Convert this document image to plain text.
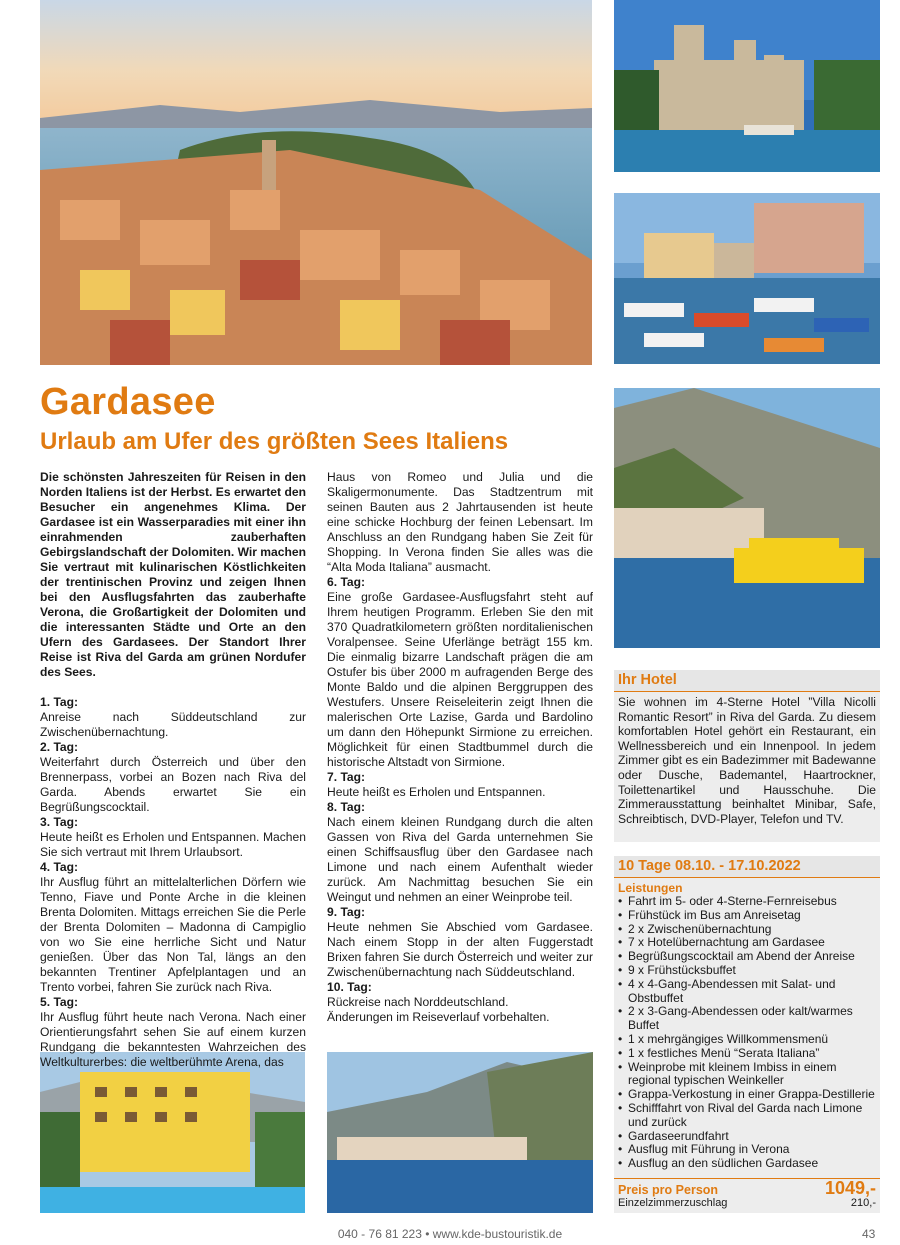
Gardasee
Urlaub am Ufer des größten Sees Italiens

Die schönsten Jahreszeiten für Reisen in den Norden Italiens ist der Herbst. Es erwartet den Besucher ein angenehmes Klima. Der Gardasee ist ein Wasserparadies mit einer ihn einrahmenden zauberhaften Gebirgslandschaft der Dolomiten. Wir machen Sie vertraut mit kulinarischen Köstlichkeiten der trentinischen Provinz und zeigen Ihnen bei den Ausflugsfahrten das zauberhafte Verona, die Großartigkeit der Dolomiten und die interessanten Städte und Orte an den Ufern des Gardasees. Der Standort Ihrer Reise ist Riva del Garda am grünen Nordufer des Sees.

1. Tag:

Anreise nach Süddeutschland zur Zwischenübernachtung.

2. Tag:

Weiterfahrt durch Österreich und über den Brennerpass, vorbei an Bozen nach Riva del Garda. Abends erwartet Sie ein Begrüßungscocktail.

3. Tag:

Heute heißt es Erholen und Entspannen. Machen Sie sich vertraut mit Ihrem Urlaubsort.

4. Tag:

Ihr Ausflug führt an mittelalterlichen Dörfern wie Tenno, Fiave und Ponte Arche in die kleinen Brenta Dolomiten. Mittags erreichen Sie die Perle der Brenta Dolomiten – Madonna di Campiglio von wo Sie eine herrliche Sicht und Natur genießen. Über das Non Tal, längs an den bekannten Trentiner Apfelplantagen und an Trento vorbei, fahren Sie zurück nach Riva.

5. Tag:

Ihr Ausflug führt heute nach Verona. Nach einer Orientierungsfahrt sehen Sie auf einem kurzen Rundgang die bekanntesten Wahrzeichen des Weltkulturerbes: die weltberühmte Arena, das

Haus von Romeo und Julia und die Skaligermonumente. Das Stadtzentrum mit seinen Bauten aus 2 Jahrtausenden ist heute eine schicke Hochburg der feinen Lebensart. Im Anschluss an den Rundgang haben Sie Zeit für Shopping. In Verona finden Sie alles was die “Alta Moda Italiana” ausmacht.

6. Tag:

Eine große Gardasee-Ausflugsfahrt steht auf Ihrem heutigen Programm. Erleben Sie den mit 370 Quadratkilometern größten norditalienischen Voralpensee. Seine Uferlänge beträgt 155 km. Die einmalig bizarre Landschaft prägen die am Ostufer bis über 2000 m aufragenden Berge des Monte Baldo und die alpinen Berggruppen des Westufers. Unsere Reiseleiterin zeigt Ihnen die malerischen Orte Lazise, Garda und Bardolino um dann den Höhepunkt Sirmione zu erreichen. Möglichkeit für einen Stadtbummel durch die historische Altstadt von Sirmione.

7. Tag:

Heute heißt es Erholen und Entspannen.

8. Tag:

Nach einem kleinen Rundgang durch die alten Gassen von Riva del Garda unternehmen Sie einen Schiffsausflug über den Gardasee nach Limone und nach einem Aufenthalt wieder zurück. Am Nachmittag besuchen Sie ein Weingut und nehmen an einer Weinprobe teil.

9. Tag:

Heute nehmen Sie Abschied vom Gardasee. Nach einem Stopp in der alten Fuggerstadt Brixen fahren Sie durch Österreich und weiter zur Zwischenübernachtung nach Süddeutschland.

10. Tag:

Rückreise nach Norddeutschland.

Änderungen im Reiseverlauf vorbehalten.

Ihr Hotel

Sie wohnen im 4-Sterne Hotel ”Villa Nicolli Romantic Resort” in Riva del Garda. Zu diesem komfortablen Hotel gehört ein Restaurant, ein Wellnessbereich und ein Innenpool. In jedem Zimmer gibt es ein Badezimmer mit Badewanne oder Dusche, Bademantel, Haartrockner, Toilettenartikel und Hausschuhe. Die Zimmerausstattung beinhaltet Minibar, Safe, Schreibtisch, DVD-Player, Telefon und TV.

10 Tage 08.10. - 17.10.2022
Leistungen
• Fahrt im 5- oder 4-Sterne-Fernreisebus
• Frühstück im Bus am Anreisetag
• 2 x Zwischenübernachtung
• 7 x Hotelübernachtung am Gardasee
• Begrüßungscocktail am Abend der Anreise
• 9 x Frühstücksbuffet
• 4 x 4-Gang-Abendessen mit Salat- und Obstbuffet
• 2 x 3-Gang-Abendessen oder kalt/warmes Buffet
• 1 x mehrgängiges Willkommensmenü
• 1 x festliches Menü “Serata Italiana”
• Weinprobe mit kleinem Imbiss in einem regional typischen Weinkeller
• Grappa-Verkostung in einer Grappa-Destillerie
• Schifffahrt von Rival del Garda nach Limone und zurück
• Gardaseerundfahrt
• Ausflug mit Führung in Verona
• Ausflug an den südlichen Gardasee
Preis pro Person	1049,-
Einzelzimmerzuschlag	210,-
040 - 76 81 223 • www.kde-bustouristik.de	43
